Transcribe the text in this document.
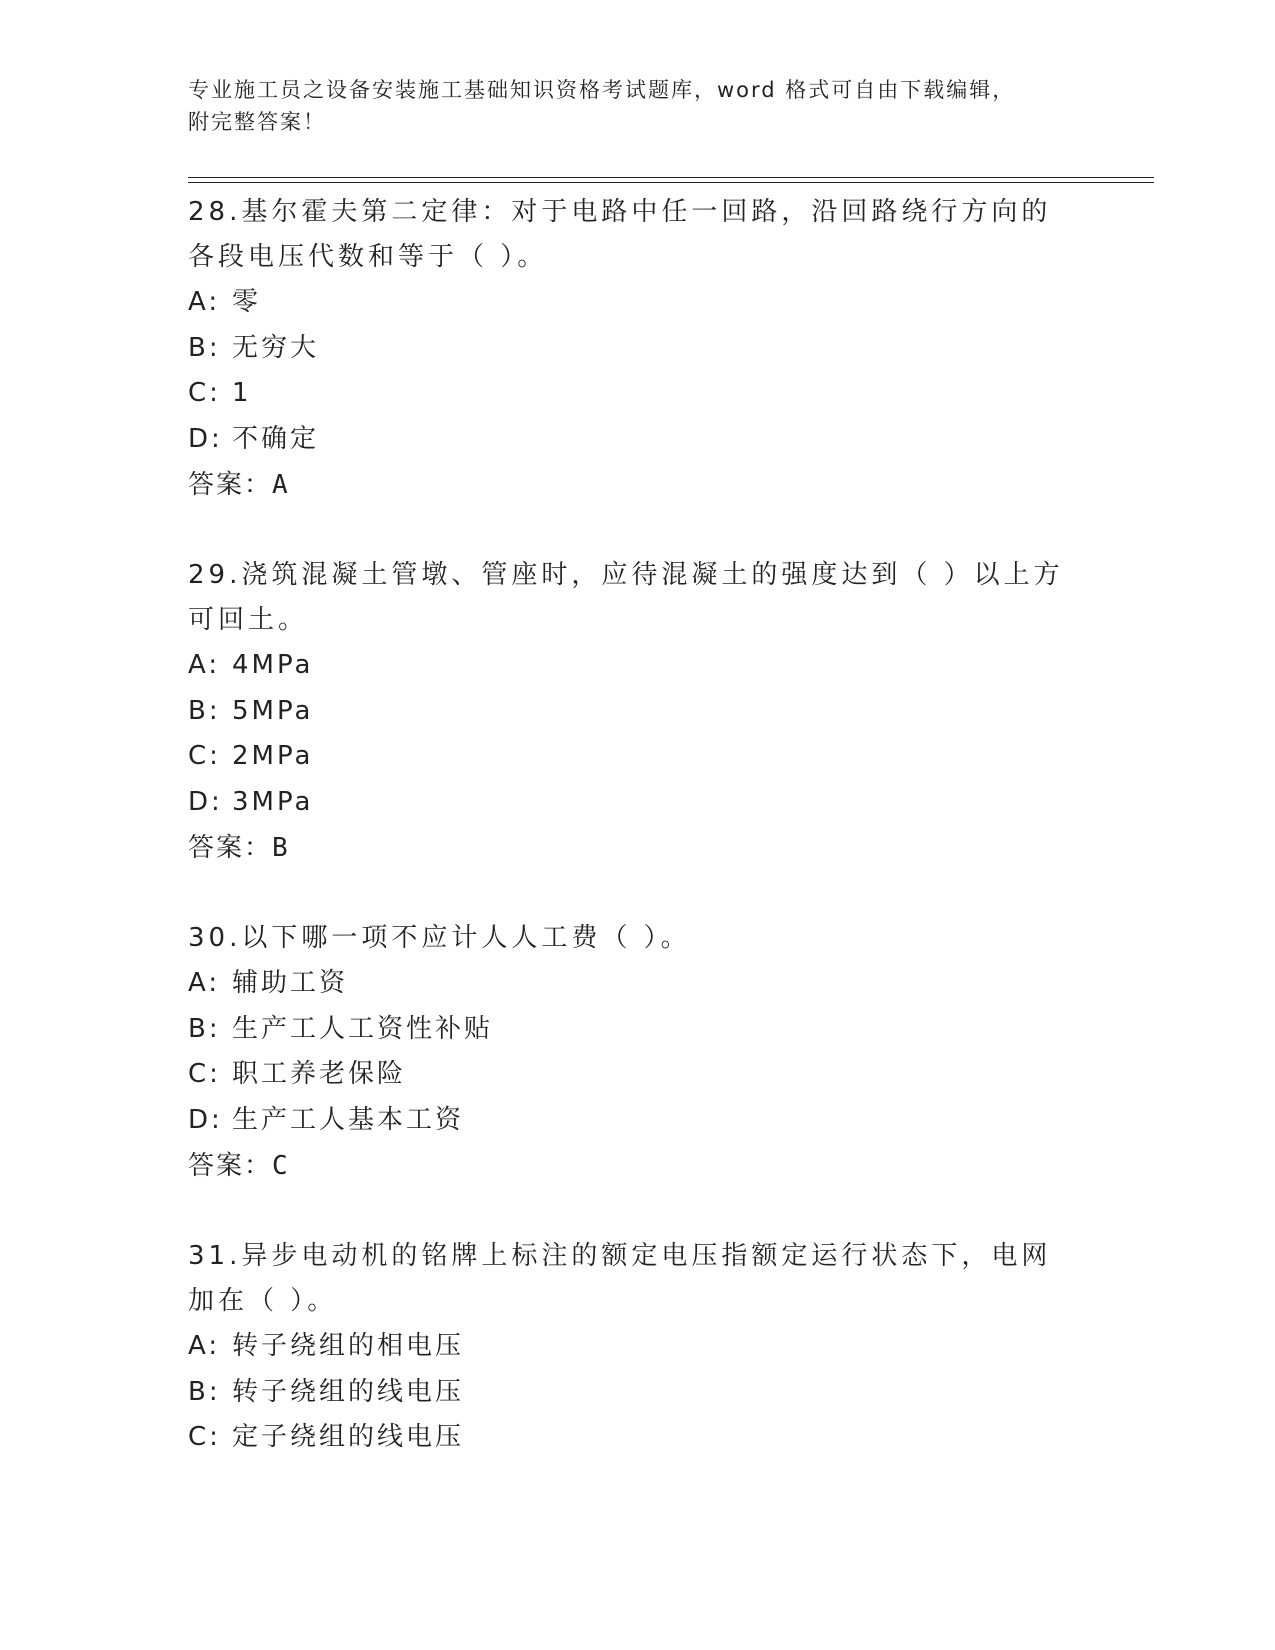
专业施工员之设备安装施工基础知识资格考试题库，word 格式可自由下载编辑，
附完整答案！
28.基尔霍夫第二定律：对于电路中任一回路，沿回路绕行方向的各段电压代数和等于（ ）。
A: 零
B: 无穷大
C: 1
D: 不确定
答案：A
29.浇筑混凝土管墩、管座时，应待混凝土的强度达到（ ）以上方可回土。
A: 4MPa
B: 5MPa
C: 2MPa
D: 3MPa
答案：B
30.以下哪一项不应计人人工费（ ）。
A: 辅助工资
B: 生产工人工资性补贴
C: 职工养老保险
D: 生产工人基本工资
答案：C
31.异步电动机的铭牌上标注的额定电压指额定运行状态下，电网加在（ ）。
A: 转子绕组的相电压
B: 转子绕组的线电压
C: 定子绕组的线电压
